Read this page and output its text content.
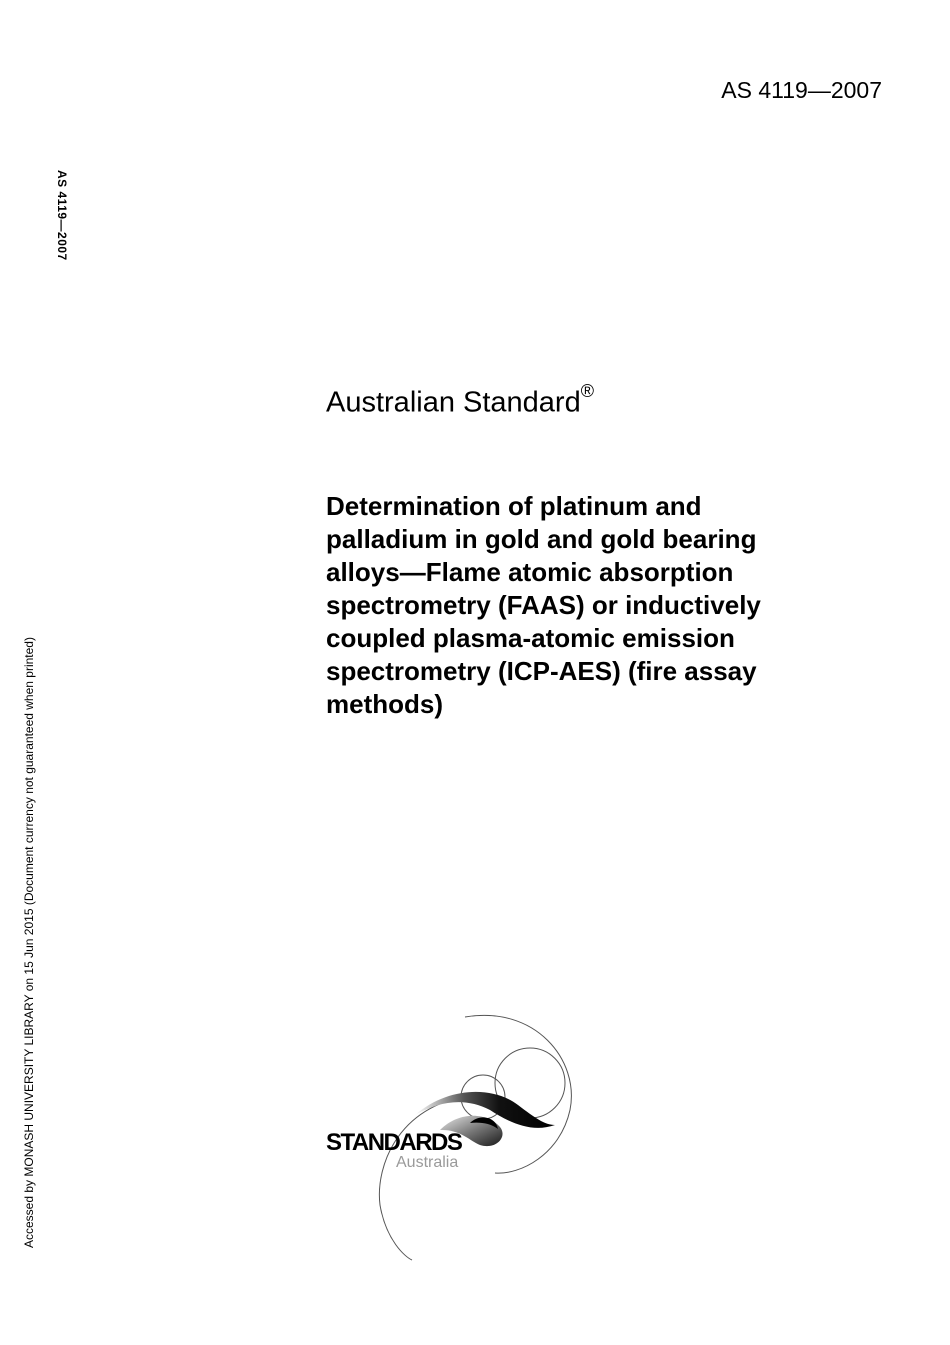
AS 4119—2007
AS 4119—2007
Accessed by MONASH UNIVERSITY LIBRARY on 15 Jun 2015 (Document currency not guaranteed when printed)
Australian Standard®
Determination of platinum and
palladium in gold and gold bearing
alloys—Flame atomic absorption
spectrometry (FAAS) or inductively
coupled plasma-atomic emission
spectrometry (ICP-AES) (fire assay
methods)
STANDARDS
Australia
